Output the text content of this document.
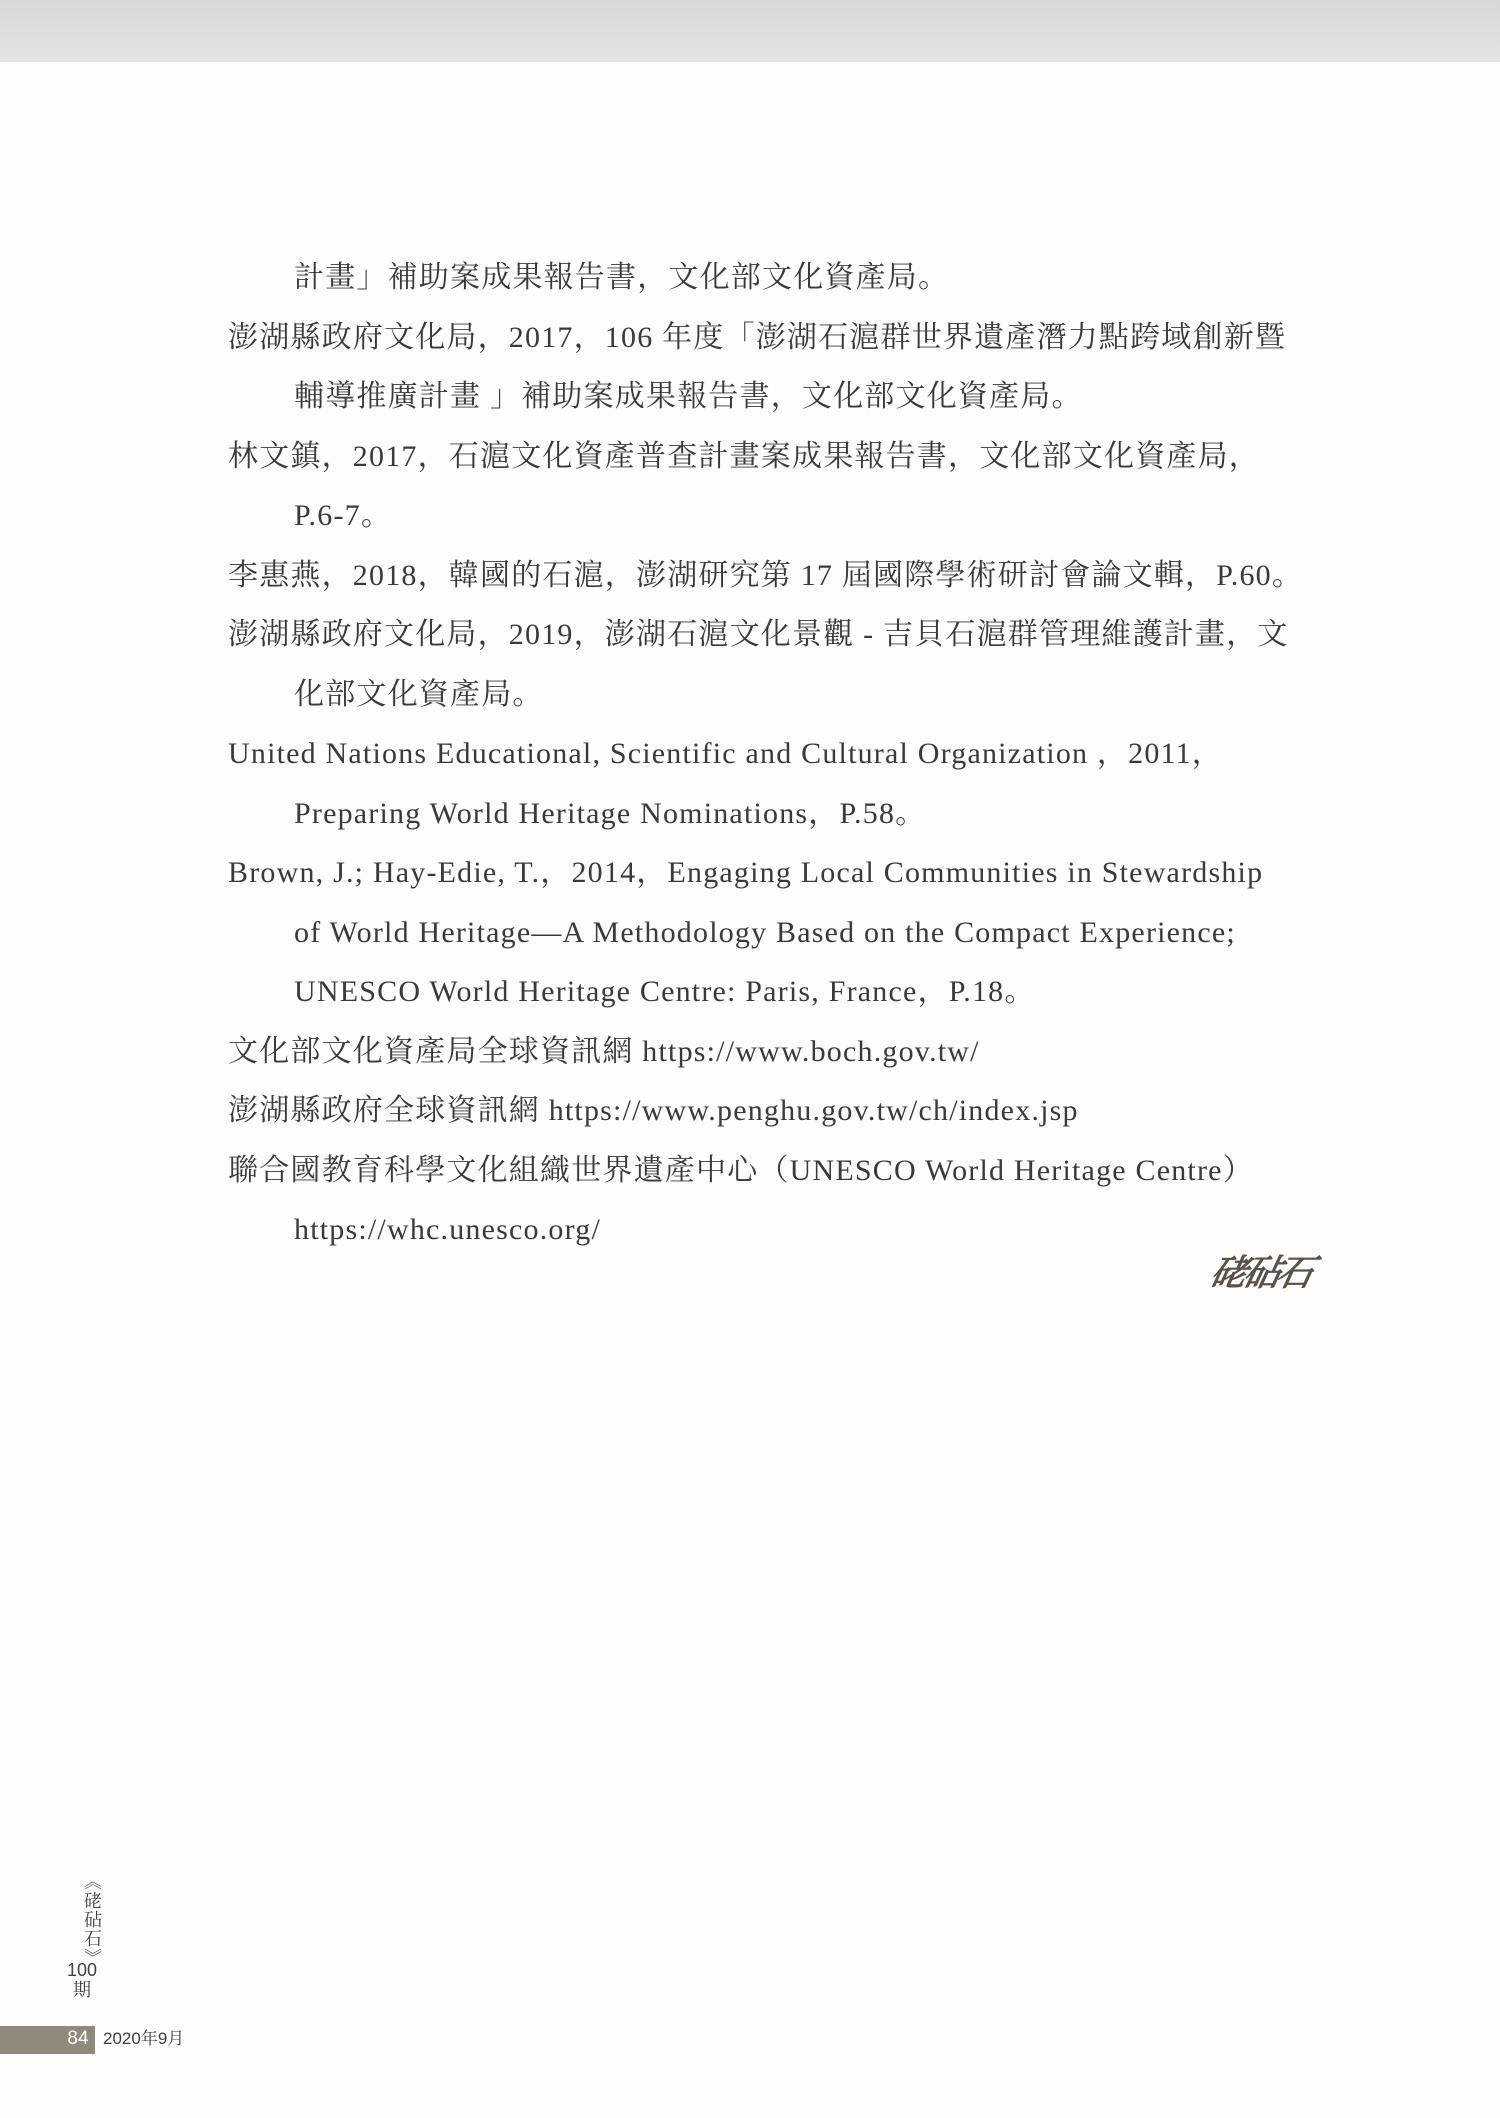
計畫」補助案成果報告書，文化部文化資產局。

澎湖縣政府文化局，2017，106 年度「澎湖石滬群世界遺產潛力點跨域創新暨

輔導推廣計畫 」補助案成果報告書，文化部文化資產局。

林文鎮，2017，石滬文化資產普查計畫案成果報告書，文化部文化資產局，

P.6-7。

李惠燕，2018，韓國的石滬，澎湖研究第 17 屆國際學術研討會論文輯，P.60。

澎湖縣政府文化局，2019，澎湖石滬文化景觀 - 吉貝石滬群管理維護計畫，文

化部文化資產局。

United Nations Educational, Scientific and Cultural Organization ，2011，

Preparing World Heritage Nominations，P.58。

Brown, J.; Hay-Edie, T.，2014，Engaging Local Communities in Stewardship

of World Heritage—A Methodology Based on the Compact Experience;

UNESCO World Heritage Centre: Paris, France，P.18。

文化部文化資產局全球資訊網 https://www.boch.gov.tw/

澎湖縣政府全球資訊網 https://www.penghu.gov.tw/ch/index.jsp

聯合國教育科學文化組織世界遺產中心（UNESCO World Heritage Centre）

https://whc.unesco.org/

硓砧石
《硓砧石》
100
期
84 2020年9月
